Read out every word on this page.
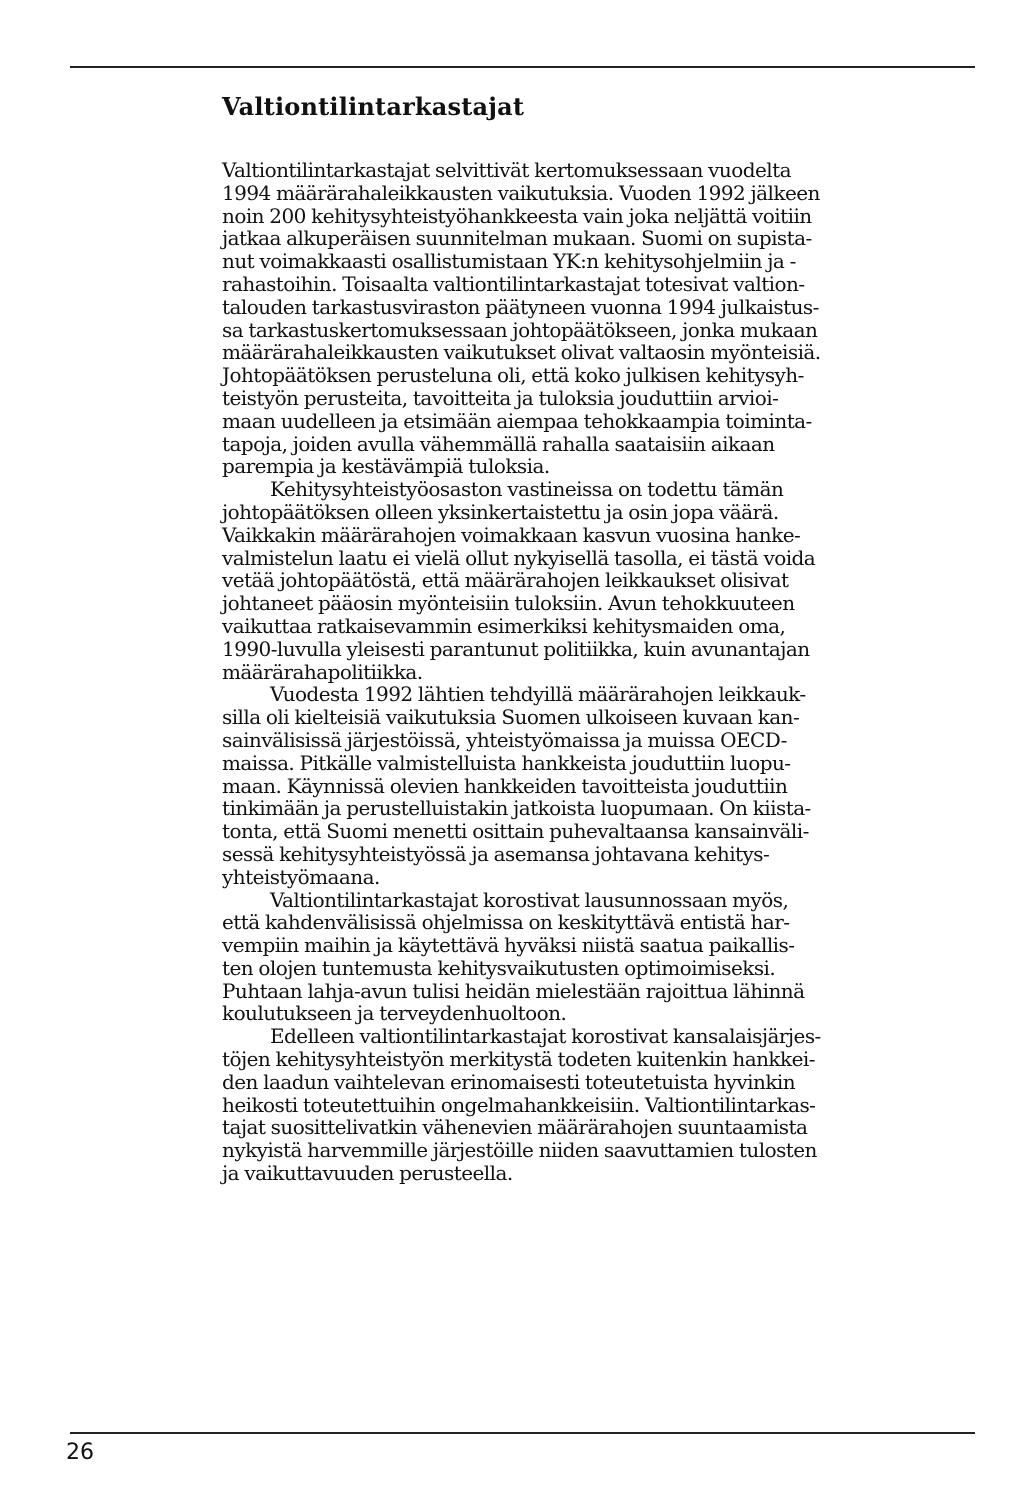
Valtiontilintarkastajat

Valtiontilintarkastajat selvittivät kertomuksessaan vuodelta
1994 määrärahaleikkausten vaikutuksia. Vuoden 1992 jälkeen
noin 200 kehitysyhteistyöhankkeesta vain joka neljättä voitiin
jatkaa alkuperäisen suunnitelman mukaan. Suomi on supista-
nut voimakkaasti osallistumistaan YK:n kehitysohjelmiin ja -
rahastoihin. Toisaalta valtiontilintarkastajat totesivat valtion-
talouden tarkastusviraston päätyneen vuonna 1994 julkaistus-
sa tarkastuskertomuksessaan johtopäätökseen, jonka mukaan
määrärahaleikkausten vaikutukset olivat valtaosin myönteisiä.
Johtopäätöksen perusteluna oli, että koko julkisen kehitysyh-
teistyön perusteita, tavoitteita ja tuloksia jouduttiin arvioi-
maan uudelleen ja etsimään aiempaa tehokkaampia toiminta-
tapoja, joiden avulla vähemmällä rahalla saataisiin aikaan
parempia ja kestävämpiä tuloksia.

Kehitysyhteistyöosaston vastineissa on todettu tämän
johtopäätöksen olleen yksinkertaistettu ja osin jopa väärä.
Vaikkakin määrärahojen voimakkaan kasvun vuosina hanke-
valmistelun laatu ei vielä ollut nykyisellä tasolla, ei tästä voida
vetää johtopäätöstä, että määrärahojen leikkaukset olisivat
johtaneet pääosin myönteisiin tuloksiin. Avun tehokkuuteen
vaikuttaa ratkaisevammin esimerkiksi kehitysmaiden oma,
1990-luvulla yleisesti parantunut politiikka, kuin avunantajan
määrärahapolitiikka.

Vuodesta 1992 lähtien tehdyillä määrärahojen leikkauk-
silla oli kielteisiä vaikutuksia Suomen ulkoiseen kuvaan kan-
sainvälisissä järjestöissä, yhteistyömaissa ja muissa OECD-
maissa. Pitkälle valmistelluista hankkeista jouduttiin luopu-
maan. Käynnissä olevien hankkeiden tavoitteista jouduttiin
tinkimään ja perustelluistakin jatkoista luopumaan. On kiista-
tonta, että Suomi menetti osittain puhevaltaansa kansainväli-
sessä kehitysyhteistyössä ja asemansa johtavana kehitys-
yhteistyömaana.

Valtiontilintarkastajat korostivat lausunnossaan myös,
että kahdenvälisissä ohjelmissa on keskityttävä entistä har-
vempiin maihin ja käytettävä hyväksi niistä saatua paikallis-
ten olojen tuntemusta kehitysvaikutusten optimoimiseksi.
Puhtaan lahja-avun tulisi heidän mielestään rajoittua lähinnä
koulutukseen ja terveydenhuoltoon.

Edelleen valtiontilintarkastajat korostivat kansalaisjärjes-
töjen kehitysyhteistyön merkitystä todeten kuitenkin hankkei-
den laadun vaihtelevan erinomaisesti toteutetuista hyvinkin
heikosti toteutettuihin ongelmahankkeisiin. Valtiontilintarkas-
tajat suosittelivatkin vähenevien määrärahojen suuntaamista
nykyistä harvemmille järjestöille niiden saavuttamien tulosten
ja vaikuttavuuden perusteella.

26
